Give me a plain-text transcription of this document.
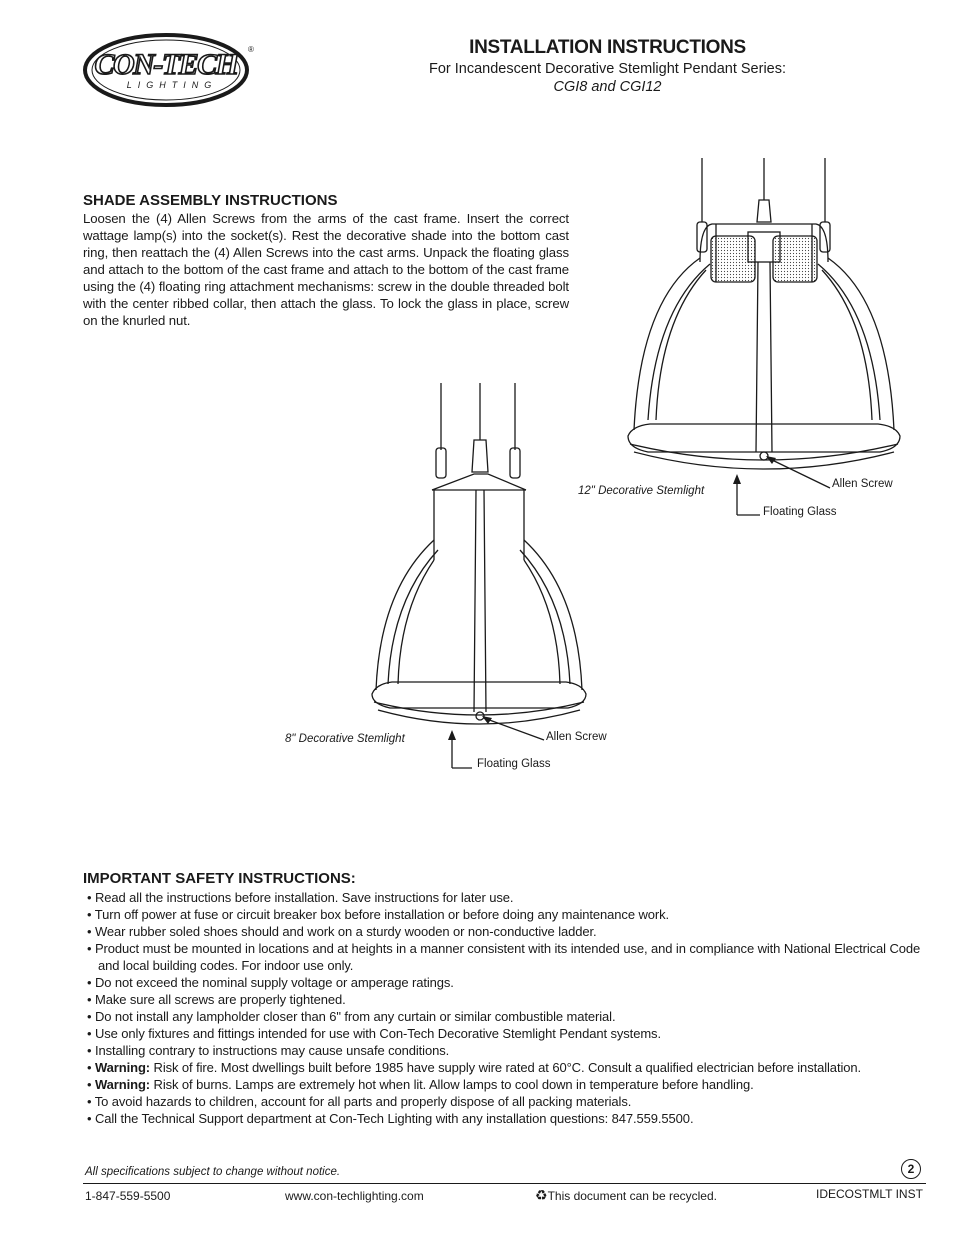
CON-TECH
LIGHTING
®	INSTALLATION INSTRUCTIONS
For Incandescent Decorative Stemlight Pendant Series:
CGI8 and CGI12
SHADE ASSEMBLY INSTRUCTIONS
Loosen the (4) Allen Screws from the arms of the cast frame. Insert the correct wattage lamp(s) into the socket(s). Rest the decorative shade into the bottom cast ring, then reattach the (4) Allen Screws into the cast arms. Unpack the floating glass and attach to the bottom of the cast frame and attach to the bottom of the cast frame using the (4) floating ring attachment mechanisms: screw in the double threaded bolt with the center ribbed collar, then attach the glass. To lock the glass in place, screw on the knurled nut.
12" Decorative Stemlight
Allen Screw
Floating Glass
8" Decorative Stemlight	Allen Screw
Floating Glass
IMPORTANT SAFETY INSTRUCTIONS:
• Read all the instructions before installation. Save instructions for later use.
• Turn off power at fuse or circuit breaker box before installation or before doing any maintenance work.
• Wear rubber soled shoes should and work on a sturdy wooden or non-conductive ladder.
• Product must be mounted in locations and at heights in a manner consistent with its intended use, and in compliance with National Electrical Code and local building codes. For indoor use only.
• Do not exceed the nominal supply voltage or amperage ratings.
• Make sure all screws are properly tightened.
• Do not install any lampholder closer than 6" from any curtain or similar combustible material.
• Use only fixtures and fittings intended for use with Con-Tech Decorative Stemlight Pendant systems.
• Installing contrary to instructions may cause unsafe conditions.
• Warning: Risk of fire. Most dwellings built before 1985 have supply wire rated at 60°C. Consult a qualified electrician before installation.
• Warning: Risk of burns. Lamps are extremely hot when lit. Allow lamps to cool down in temperature before handling.
• To avoid hazards to children, account for all parts and properly dispose of all packing materials.
• Call the Technical Support department at Con-Tech Lighting with any installation questions: 847.559.5500.
All specifications subject to change without notice.	2
1-847-559-5500	www.con-techlighting.com	♻This document can be recycled.	IDECOSTMLT INST
